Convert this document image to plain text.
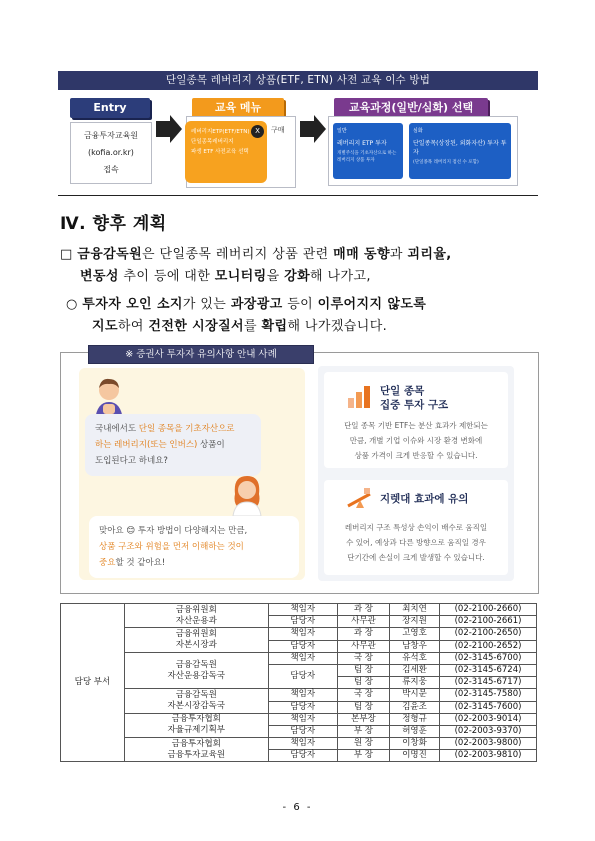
단일종목 레버리지 상품(ETF, ETN) 사전 교육 이수 방법
Entry
금융투자교육원
(kofia.or.kr)
접속
교육 메뉴
레버리지ETP(ETF/ETN)
단일종목레버리지
파생 ETF 사전교육 선택
X	구매
교육과정(일반/심화) 선택
일반
레버리지 ETP 투자
개별주식을 기초자산으로 하는 레버리지 상품 투자
심화
단일종목(상장된, 외화자산) 투자 투자
(단일종목 레버리지 점선 수 포함)
Ⅳ. 향후 계획
□ 금융감독원은 단일종목 레버리지 상품 관련 매매 동향과 괴리율,
변동성 추이 등에 대한 모니터링을 강화해 나가고,
○ 투자자 오인 소지가 있는 과장광고 등이 이루어지지 않도록
지도하여 건전한 시장질서를 확립해 나가겠습니다.
※ 증권사 투자자 유의사항 안내 사례
국내에서도 단일 종목을 기초자산으로
하는 레버리지(또는 인버스) 상품이
도입된다고 하네요?
맞아요 😊 투자 방법이 다양해지는 만큼,
상품 구조와 위험을 먼저 이해하는 것이
중요할 것 같아요!
단일 종목
집중 투자 구조
단일 종목 기반 ETF는 분산 효과가 제한되는
만큼, 개별 기업 이슈와 시장 환경 변화에
상품 가격이 크게 반응할 수 있습니다.
지렛대 효과에 유의
레버리지 구조 특성상 손익이 배수로 움직일
수 있어, 예상과 다른 방향으로 움직일 경우
단기간에 손실이 크게 발생할 수 있습니다.
담당 부서	금융위원회
자산운용과	책임자	과 장	최치연	(02-2100-2660)
		담당자	사무관	장지원	(02-2100-2661)

	금융위원회
자본시장과	책임자	과 장	고영호	(02-2100-2650)
		담당자	사무관	남창우	(02-2100-2652)

	금융감독원
자산운용감독국	책임자	국 장	유석호	(02-3145-6700)
		담당자	팀 장	김세환	(02-3145-6724)
			팀 장	류지웅	(02-3145-6717)

	금융감독원
자본시장감독국	책임자	국 장	박시문	(02-3145-7580)
		담당자	팀 장	김윤조	(02-3145-7600)

	금융투자협회
자율규제기획부	책임자	본부장	정형규	(02-2003-9014)
		담당자	부 장	허영훈	(02-2003-9370)

	금융투자협회
금융투자교육원	책임자	원 장	이창화	(02-2003-9800)
		담당자	부 장	이명진	(02-2003-9810)
- 6 -
